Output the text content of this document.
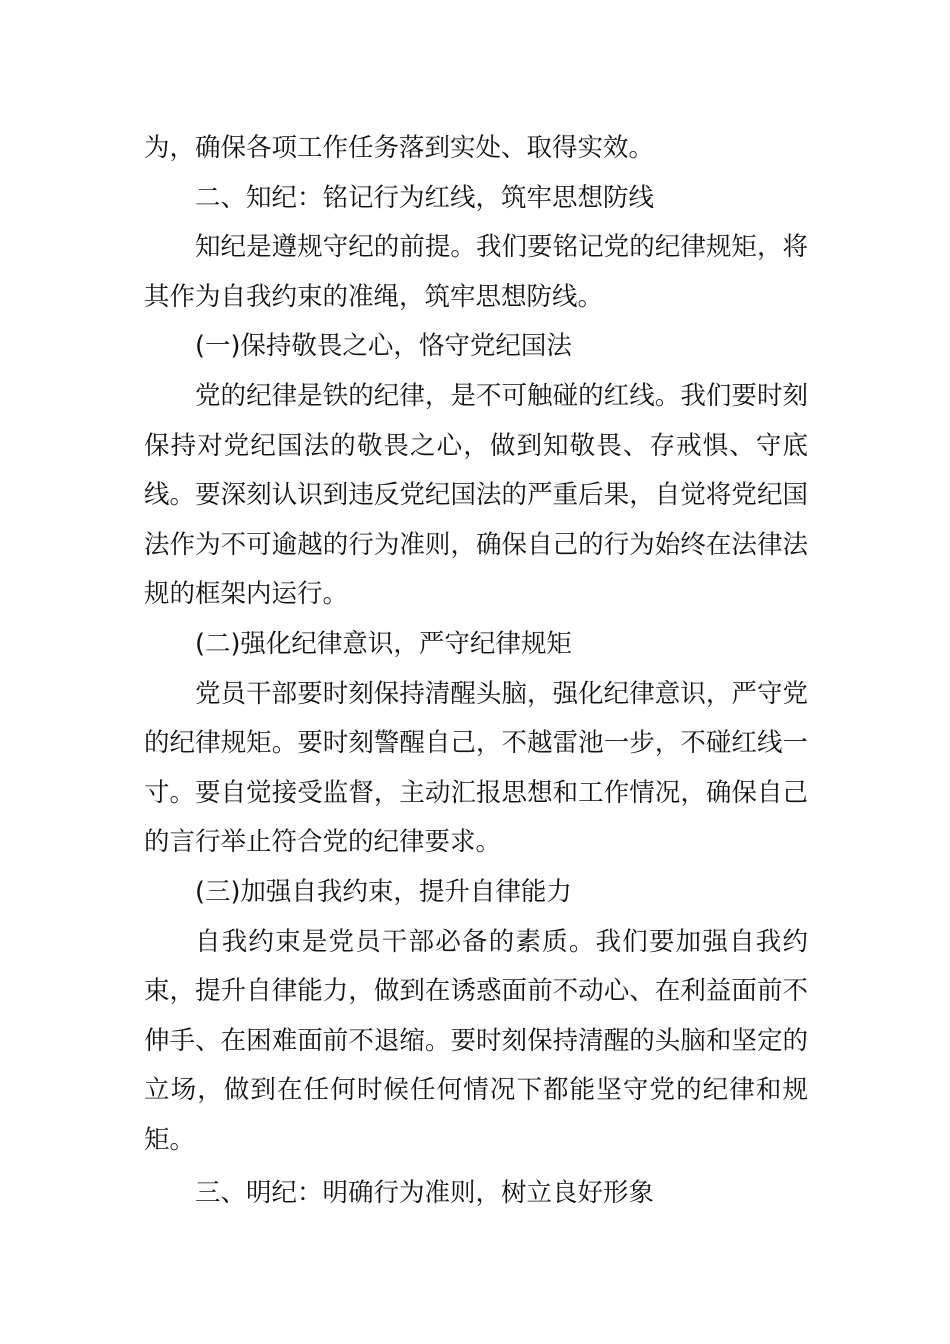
为，确保各项工作任务落到实处、取得实效。

二、知纪：铭记行为红线，筑牢思想防线

知纪是遵规守纪的前提。我们要铭记党的纪律规矩，将其作为自我约束的准绳，筑牢思想防线。

(一)保持敬畏之心，恪守党纪国法

党的纪律是铁的纪律，是不可触碰的红线。我们要时刻保持对党纪国法的敬畏之心，做到知敬畏、存戒惧、守底线。要深刻认识到违反党纪国法的严重后果，自觉将党纪国法作为不可逾越的行为准则，确保自己的行为始终在法律法规的框架内运行。

(二)强化纪律意识，严守纪律规矩

党员干部要时刻保持清醒头脑，强化纪律意识，严守党的纪律规矩。要时刻警醒自己，不越雷池一步，不碰红线一寸。要自觉接受监督，主动汇报思想和工作情况，确保自己的言行举止符合党的纪律要求。

(三)加强自我约束，提升自律能力

自我约束是党员干部必备的素质。我们要加强自我约束，提升自律能力，做到在诱惑面前不动心、在利益面前不伸手、在困难面前不退缩。要时刻保持清醒的头脑和坚定的立场，做到在任何时候任何情况下都能坚守党的纪律和规矩。

三、明纪：明确行为准则，树立良好形象
